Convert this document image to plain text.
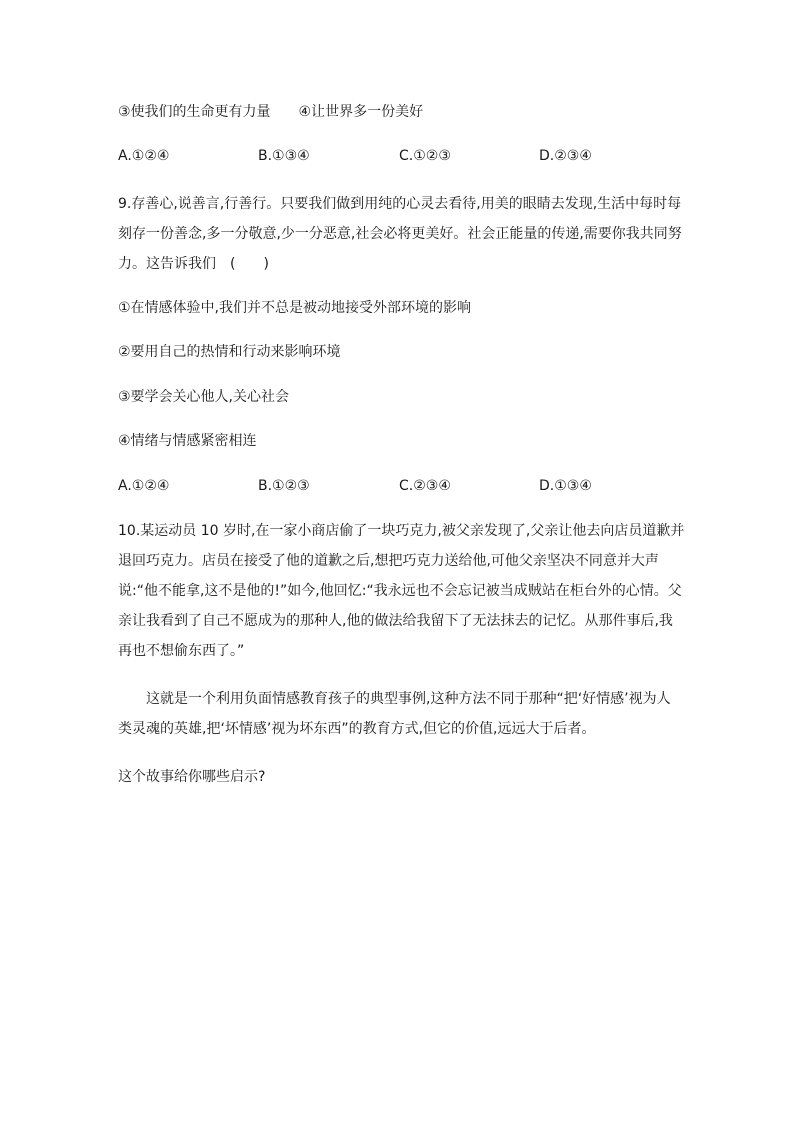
③使我们的生命更有力量　　④让世界多一份美好
A.①②④	B.①③④	C.①②③	D.②③④
9.存善心,说善言,行善行。只要我们做到用纯的心灵去看待,用美的眼睛去发现,生活中每时每
刻存一份善念,多一分敬意,少一分恶意,社会必将更美好。社会正能量的传递,需要你我共同努
力。这告诉我们　(　　)
①在情感体验中,我们并不总是被动地接受外部环境的影响
②要用自己的热情和行动来影响环境
③要学会关心他人,关心社会
④情绪与情感紧密相连
A.①②④	B.①②③	C.②③④	D.①③④
10.某运动员 10 岁时,在一家小商店偷了一块巧克力,被父亲发现了,父亲让他去向店员道歉并
退回巧克力。店员在接受了他的道歉之后,想把巧克力送给他,可他父亲坚决不同意并大声
说:“他不能拿,这不是他的!”如今,他回忆:“我永远也不会忘记被当成贼站在柜台外的心情。父
亲让我看到了自己不愿成为的那种人,他的做法给我留下了无法抹去的记忆。从那件事后,我
再也不想偷东西了。”
这就是一个利用负面情感教育孩子的典型事例,这种方法不同于那种“把‘好情感’视为人
类灵魂的英雄,把‘坏情感’视为坏东西”的教育方式,但它的价值,远远大于后者。
这个故事给你哪些启示?
